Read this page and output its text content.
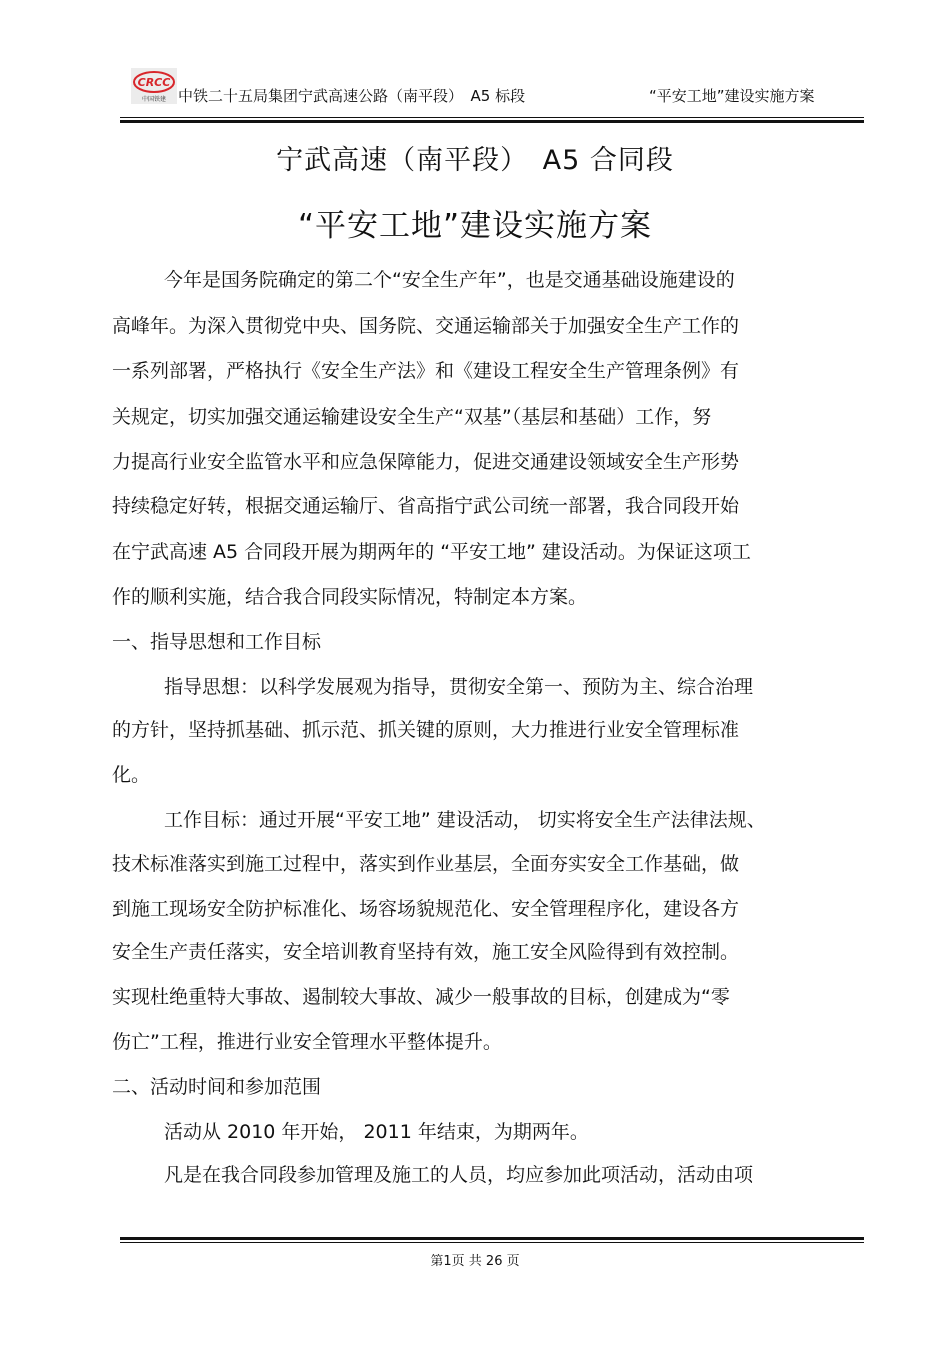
CRCC
中国铁建 中铁二十五局集团宁武高速公路（南平段）　A5 标段	“平安工地”建设实施方案
宁武高速（南平段）　A5 合同段
“平安工地”建设实施方案
今年是国务院确定的第二个“安全生产年”，也是交通基础设施建设的
高峰年。为深入贯彻党中央、国务院、交通运输部关于加强安全生产工作的
一系列部署，严格执行《安全生产法》和《建设工程安全生产管理条例》有
关规定，切实加强交通运输建设安全生产“双基”（基层和基础）工作，努
力提高行业安全监管水平和应急保障能力，促进交通建设领域安全生产形势
持续稳定好转，根据交通运输厅、省高指宁武公司统一部署，我合同段开始
在宁武高速 A5 合同段开展为期两年的 “平安工地” 建设活动。为保证这项工
作的顺利实施，结合我合同段实际情况，特制定本方案。
一、指导思想和工作目标
指导思想：以科学发展观为指导，贯彻安全第一、预防为主、综合治理
的方针，坚持抓基础、抓示范、抓关键的原则，大力推进行业安全管理标准
化。
工作目标：通过开展“平安工地” 建设活动， 切实将安全生产法律法规、
技术标准落实到施工过程中，落实到作业基层，全面夯实安全工作基础，做
到施工现场安全防护标准化、场容场貌规范化、安全管理程序化，建设各方
安全生产责任落实，安全培训教育坚持有效，施工安全风险得到有效控制。
实现杜绝重特大事故、遏制较大事故、减少一般事故的目标，创建成为“零
伤亡”工程，推进行业安全管理水平整体提升。
二、活动时间和参加范围
活动从 2010 年开始， 2011 年结束，为期两年。
凡是在我合同段参加管理及施工的人员，均应参加此项活动，活动由项
第1页 共 26 页
